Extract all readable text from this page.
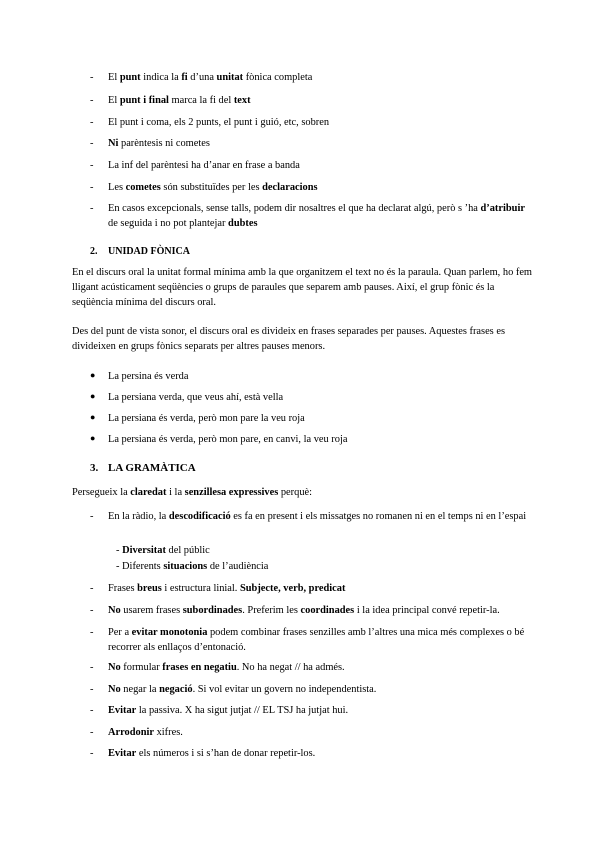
- El punt indica la fi d’una unitat fònica completa
- El punt i final marca la fi del text
- El punt i coma, els 2 punts, el punt i guió, etc, sobren
- Ni parèntesis ni cometes
- La inf del parèntesi ha d’anar en frase a banda
- Les cometes són substituïdes per les declaracions
- En casos excepcionals, sense talls, podem dir nosaltres el que ha declarat algú, però s ’ha d’atribuir de seguida i no pot plantejar dubtes
2. UNIDAD FÒNICA
En el discurs oral la unitat formal mínima amb la que organitzem el text no és la paraula. Quan parlem, ho fem lligant acústicament seqüències o grups de paraules que separem amb pauses. Així, el grup fònic és la seqüència mínima del discurs oral.
Des del punt de vista sonor, el discurs oral es divideix en frases separades per pauses. Aquestes frases es divideixen en grups fònics separats per altres pauses menors.
● La persina és verda
● La persiana verda, que veus ahí, està vella
● La persiana és verda, però mon pare la veu roja
● La persiana és verda, però mon pare, en canvi, la veu roja
3. LA GRAMÀTICA
Persegueix la claredat i la senzillesa expressives perquè:
- En la ràdio, la descodificació es fa en present i els missatges no romanen ni en el temps ni en l’espai
- Diversitat del públic
- Diferents situacions de l’audiència
- Frases breus i estructura linial. Subjecte, verb, predicat
- No usarem frases subordinades. Preferim les coordinades i la idea principal convé repetir-la.
- Per a evitar monotonia podem combinar frases senzilles amb l’altres una mica més complexes o bé recorrer als enllaços d’entonació.
- No formular frases en negatiu. No ha negat // ha admés.
- No negar la negació. Si vol evitar un govern no independentista.
- Evitar la passiva. X ha sigut jutjat // EL TSJ ha jutjat hui.
- Arrodonir xifres.
- Evitar els números i si s’han de donar repetir-los.
